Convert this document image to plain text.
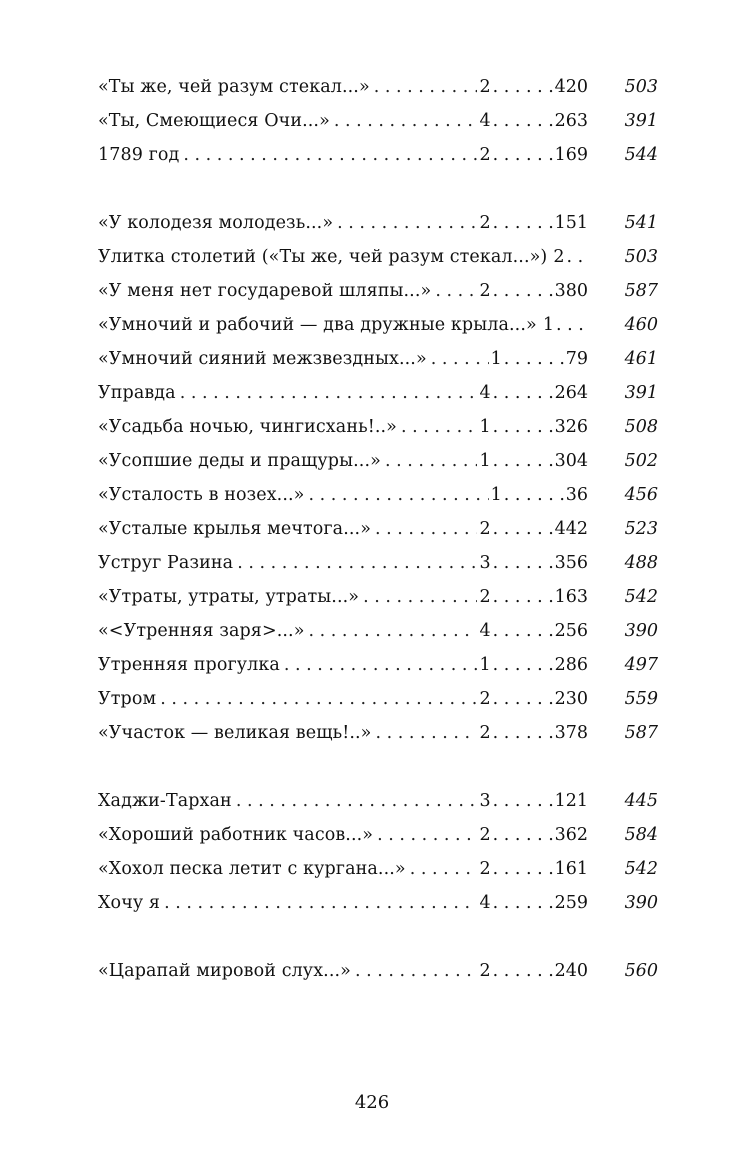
«Ты же, чей разум стекал...» . . .	2 . . .	420	503
«Ты, Смеющиеся Очи...» . . .	4 . . .	263	391
1789 год . . .	2 . . .	169	544
«У колодезя молодезь...» . . .	2 . . .	151	541
Улитка столетий («Ты же, чей разум стекал...») 2 . . .	503
«У меня нет государевой шляпы...» . . .	2 . . .	380	587
«Умночий и рабочий — два дружные крыла...» 1 . . .	460
«Умночий сияний межзвездных...» . . .	1 . . .	79	461
Управда . . .	4 . . .	264	391
«Усадьба ночью, чингисхань!..» . . .	1 . . .	326	508
«Усопшие деды и пращуры...» . . .	1 . . .	304	502
«Усталость в нозех...» . . .	1 . . .	36	456
«Усталые крылья мечтога...» . . .	2 . . .	442	523
Уструг Разина . . .	3 . . .	356	488
«Утраты, утраты, утраты...» . . .	2 . . .	163	542
«<Утренняя заря>...» . . .	4 . . .	256	390
Утренняя прогулка . . .	1 . . .	286	497
Утром . . .	2 . . .	230	559
«Участок — великая вещь!..» . . .	2 . . .	378	587
Хаджи-Тархан . . .	3 . . .	121	445
«Хороший работник часов...» . . .	2 . . .	362	584
«Хохол песка летит с кургана...» . . .	2 . . .	161	542
Хочу я . . .	4 . . .	259	390
«Царапай мировой слух...» . . .	2 . . .	240	560
426
